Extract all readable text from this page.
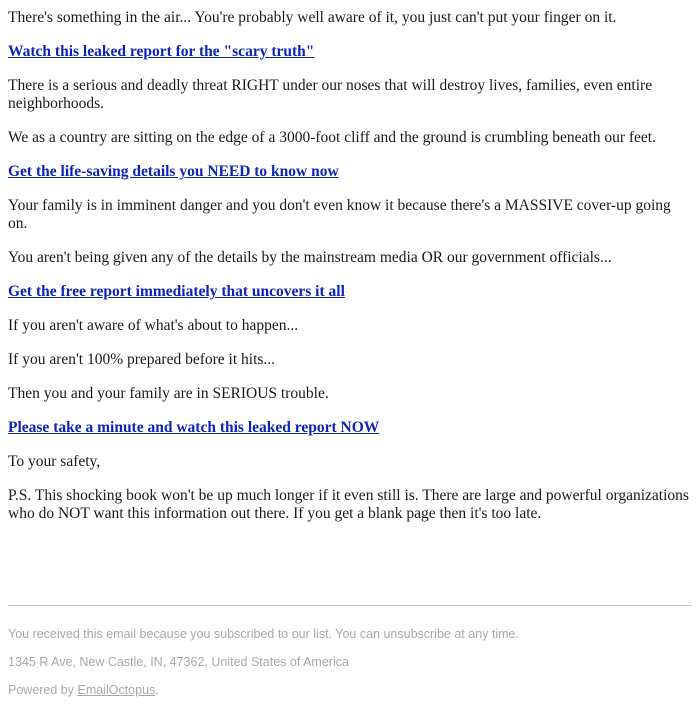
There's something in the air... You're probably well aware of it, you just can't put your finger on it.

Watch this leaked report for the "scary truth"

There is a serious and deadly threat RIGHT under our noses that will destroy lives, families, even entire neighborhoods.

We as a country are sitting on the edge of a 3000-foot cliff and the ground is crumbling beneath our feet.

Get the life-saving details you NEED to know now

Your family is in imminent danger and you don't even know it because there's a MASSIVE cover-up going on.

You aren't being given any of the details by the mainstream media OR our government officials...

Get the free report immediately that uncovers it all

If you aren't aware of what's about to happen...

If you aren't 100% prepared before it hits...

Then you and your family are in SERIOUS trouble.

Please take a minute and watch this leaked report NOW

To your safety,

P.S. This shocking book won't be up much longer if it even still is. There are large and powerful organizations who do NOT want this information out there. If you get a blank page then it's too late.

You received this email because you subscribed to our list. You can unsubscribe at any time.

1345 R Ave, New Castle, IN, 47362, United States of America

Powered by EmailOctopus.
